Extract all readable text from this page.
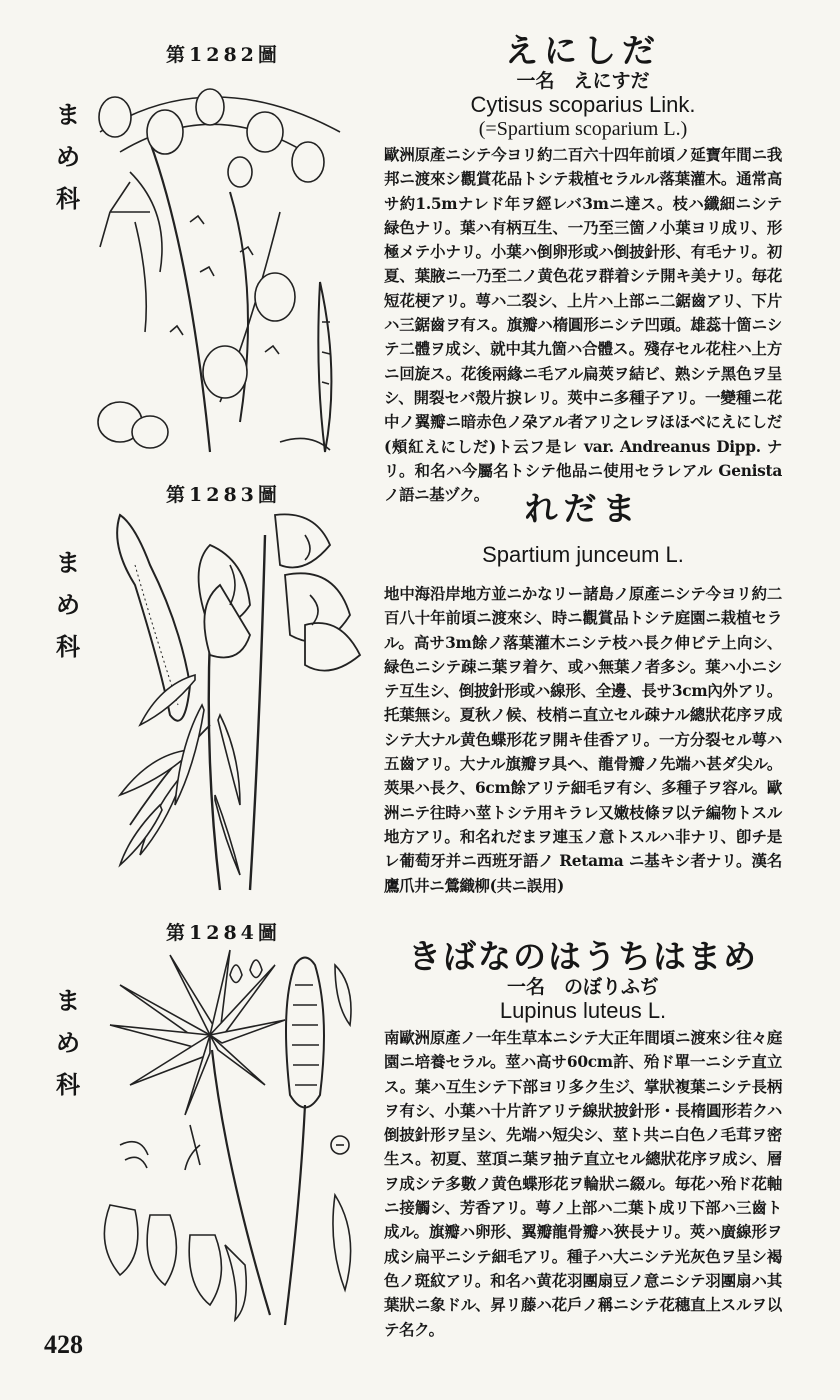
第1282圖
ま
め
科
えにしだ
一名　えにすだ
Cytisus scoparius Link.
(=Spartium scoparium L.)
歐洲原產ニシテ今ヨリ約二百六十四年前頃ノ延寶年間ニ我邦ニ渡來シ觀賞花品トシテ栽植セラルル落葉灌木。通常高サ約1.5mナレド年ヲ經レバ3mニ達ス。枝ハ纖細ニシテ緑色ナリ。葉ハ有柄互生、一乃至三箇ノ小葉ヨリ成リ、形極メテ小ナリ。小葉ハ倒卵形或ハ倒披針形、有毛ナリ。初夏、葉腋ニ一乃至二ノ黄色花ヲ群着シテ開キ美ナリ。毎花短花梗アリ。萼ハ二裂シ、上片ハ上部ニ二鋸齒アリ、下片ハ三鋸齒ヲ有ス。旗瓣ハ楕圓形ニシテ凹頭。雄蕊十箇ニシテ二體ヲ成シ、就中其九箇ハ合體ス。殘存セル花柱ハ上方ニ回旋ス。花後兩緣ニ毛アル扁莢ヲ結ビ、熟シテ黑色ヲ呈シ、開裂セバ殼片捩レリ。莢中ニ多種子アリ。一變種ニ花中ノ翼瓣ニ暗赤色ノ朶アル者アリ之レヲほほべにえにしだ(頰紅えにしだ)ト云フ是レ var. Andreanus Dipp. ナリ。和名ハ今屬名トシテ他品ニ使用セラレアル Genista ノ語ニ基ヅク。
第1283圖
ま
め
科
れだま
Spartium junceum L.
地中海沿岸地方並ニかなリー諸島ノ原產ニシテ今ヨリ約二百八十年前頃ニ渡來シ、時ニ觀賞品トシテ庭園ニ栽植セラル。高サ3m餘ノ落葉灌木ニシテ枝ハ長ク伸ビテ上向シ、緑色ニシテ疎ニ葉ヲ着ケ、或ハ無葉ノ者多シ。葉ハ小ニシテ互生シ、倒披針形或ハ線形、全邊、長サ3cm內外アリ。托葉無シ。夏秋ノ候、枝梢ニ直立セル疎ナル總狀花序ヲ成シテ大ナル黄色蝶形花ヲ開キ佳香アリ。一方分裂セル萼ハ五齒アリ。大ナル旗瓣ヲ具ヘ、龍骨瓣ノ先端ハ甚ダ尖ル。莢果ハ長ク、6cm餘アリテ細毛ヲ有シ、多種子ヲ容ル。歐洲ニテ往時ハ莖トシテ用キラレ又嫩枝條ヲ以テ編物トスル地方アリ。和名れだまヲ連玉ノ意トスルハ非ナリ、卽チ是レ葡萄牙并ニ西班牙語ノ Retama ニ基キシ者ナリ。漢名 鷹爪井ニ鶯織柳(共ニ誤用)
第1284圖
ま
め
科
きばなのはうちはまめ
一名　のぼりふぢ
Lupinus luteus L.
南歐洲原產ノ一年生草本ニシテ大正年間頃ニ渡來シ往々庭園ニ培養セラル。莖ハ高サ60cm許、殆ド單一ニシテ直立ス。葉ハ互生シテ下部ヨリ多ク生ジ、掌狀複葉ニシテ長柄ヲ有シ、小葉ハ十片許アリテ線狀披針形・長楕圓形若クハ倒披針形ヲ呈シ、先端ハ短尖シ、莖ト共ニ白色ノ毛茸ヲ密生ス。初夏、莖頂ニ葉ヲ抽テ直立セル總狀花序ヲ成シ、層ヲ成シテ多數ノ黄色蝶形花ヲ輪狀ニ綴ル。毎花ハ殆ド花軸ニ接觸シ、芳香アリ。萼ノ上部ハ二葉ト成リ下部ハ三齒ト成ル。旗瓣ハ卵形、翼瓣龍骨瓣ハ狹長ナリ。莢ハ廣線形ヲ成シ扁平ニシテ細毛アリ。種子ハ大ニシテ光灰色ヲ呈シ褐色ノ斑紋アリ。和名ハ黄花羽團扇豆ノ意ニシテ羽團扇ハ其葉狀ニ象ドル、昇リ藤ハ花戶ノ稱ニシテ花穗直上スルヲ以テ名ク。
428
